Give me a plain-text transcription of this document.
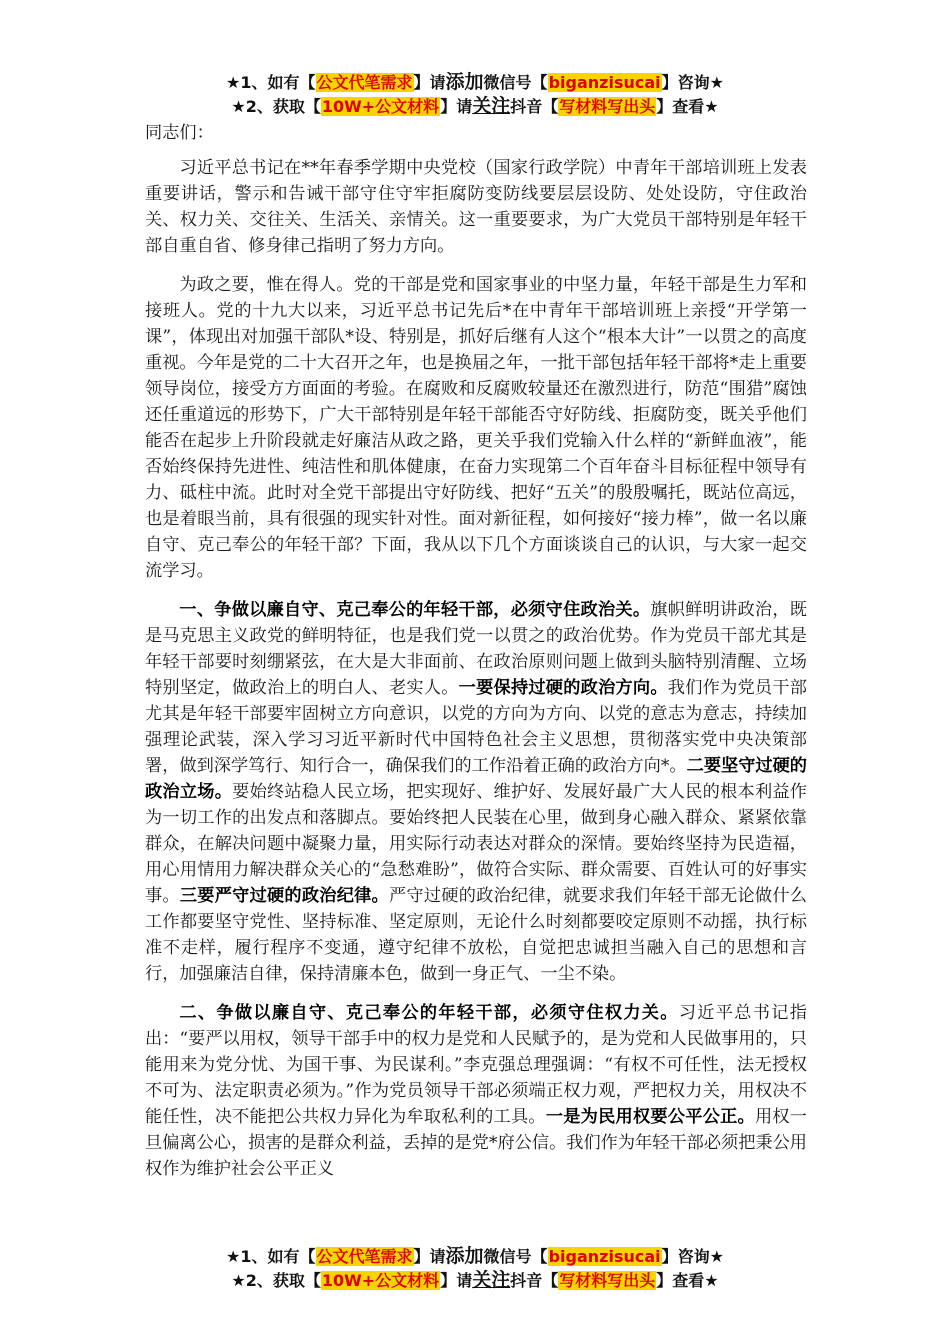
★1、如有【公文代笔需求】请添加微信号【biganzisucai】咨询★
★2、获取【10W+公文材料】请关注抖音【写材料写出头】查看★

同志们：

习近平总书记在**年春季学期中央党校（国家行政学院）中青年干部培训班上发表重要讲话，警示和告诫干部守住守牢拒腐防变防线要层层设防、处处设防，守住政治关、权力关、交往关、生活关、亲情关。这一重要要求，为广大党员干部特别是年轻干部自重自省、修身律己指明了努力方向。

为政之要，惟在得人。党的干部是党和国家事业的中坚力量，年轻干部是生力军和接班人。党的十九大以来，习近平总书记先后*在中青年干部培训班上亲授“开学第一课”，体现出对加强干部队*设、特别是，抓好后继有人这个“根本大计”一以贯之的高度重视。今年是党的二十大召开之年，也是换届之年，一批干部包括年轻干部将*走上重要领导岗位，接受方方面面的考验。在腐败和反腐败较量还在激烈进行，防范“围猎”腐蚀还任重道远的形势下，广大干部特别是年轻干部能否守好防线、拒腐防变，既关乎他们能否在起步上升阶段就走好廉洁从政之路，更关乎我们党输入什么样的“新鲜血液”，能否始终保持先进性、纯洁性和肌体健康，在奋力实现第二个百年奋斗目标征程中领导有力、砥柱中流。此时对全党干部提出守好防线、把好“五关”的殷殷嘱托，既站位高远，也是着眼当前，具有很强的现实针对性。面对新征程，如何接好“接力棒”，做一名以廉自守、克己奉公的年轻干部？下面，我从以下几个方面谈谈自己的认识，与大家一起交流学习。

一、争做以廉自守、克己奉公的年轻干部，必须守住政治关。旗帜鲜明讲政治，既是马克思主义政党的鲜明特征，也是我们党一以贯之的政治优势。作为党员干部尤其是年轻干部要时刻绷紧弦，在大是大非面前、在政治原则问题上做到头脑特别清醒、立场特别坚定，做政治上的明白人、老实人。一要保持过硬的政治方向。我们作为党员干部尤其是年轻干部要牢固树立方向意识，以党的方向为方向、以党的意志为意志，持续加强理论武装，深入学习习近平新时代中国特色社会主义思想，贯彻落实党中央决策部署，做到深学笃行、知行合一，确保我们的工作沿着正确的政治方向*。二要坚守过硬的政治立场。要始终站稳人民立场，把实现好、维护好、发展好最广大人民的根本利益作为一切工作的出发点和落脚点。要始终把人民装在心里，做到身心融入群众、紧紧依靠群众，在解决问题中凝聚力量，用实际行动表达对群众的深情。要始终坚持为民造福，用心用情用力解决群众关心的“急愁难盼”，做符合实际、群众需要、百姓认可的好事实事。三要严守过硬的政治纪律。严守过硬的政治纪律，就要求我们年轻干部无论做什么工作都要坚守党性、坚持标准、坚定原则，无论什么时刻都要咬定原则不动摇，执行标准不走样，履行程序不变通，遵守纪律不放松，自觉把忠诚担当融入自己的思想和言行，加强廉洁自律，保持清廉本色，做到一身正气、一尘不染。

二、争做以廉自守、克己奉公的年轻干部，必须守住权力关。习近平总书记指出：“要严以用权，领导干部手中的权力是党和人民赋予的，是为党和人民做事用的，只能用来为党分忧、为国干事、为民谋利。”李克强总理强调：“有权不可任性，法无授权不可为、法定职责必须为。”作为党员领导干部必须端正权力观，严把权力关，用权决不能任性，决不能把公共权力异化为牟取私利的工具。一是为民用权要公平公正。用权一旦偏离公心，损害的是群众利益，丢掉的是党*府公信。我们作为年轻干部必须把秉公用权作为维护社会公平正义

★1、如有【公文代笔需求】请添加微信号【biganzisucai】咨询★
★2、获取【10W+公文材料】请关注抖音【写材料写出头】查看★
